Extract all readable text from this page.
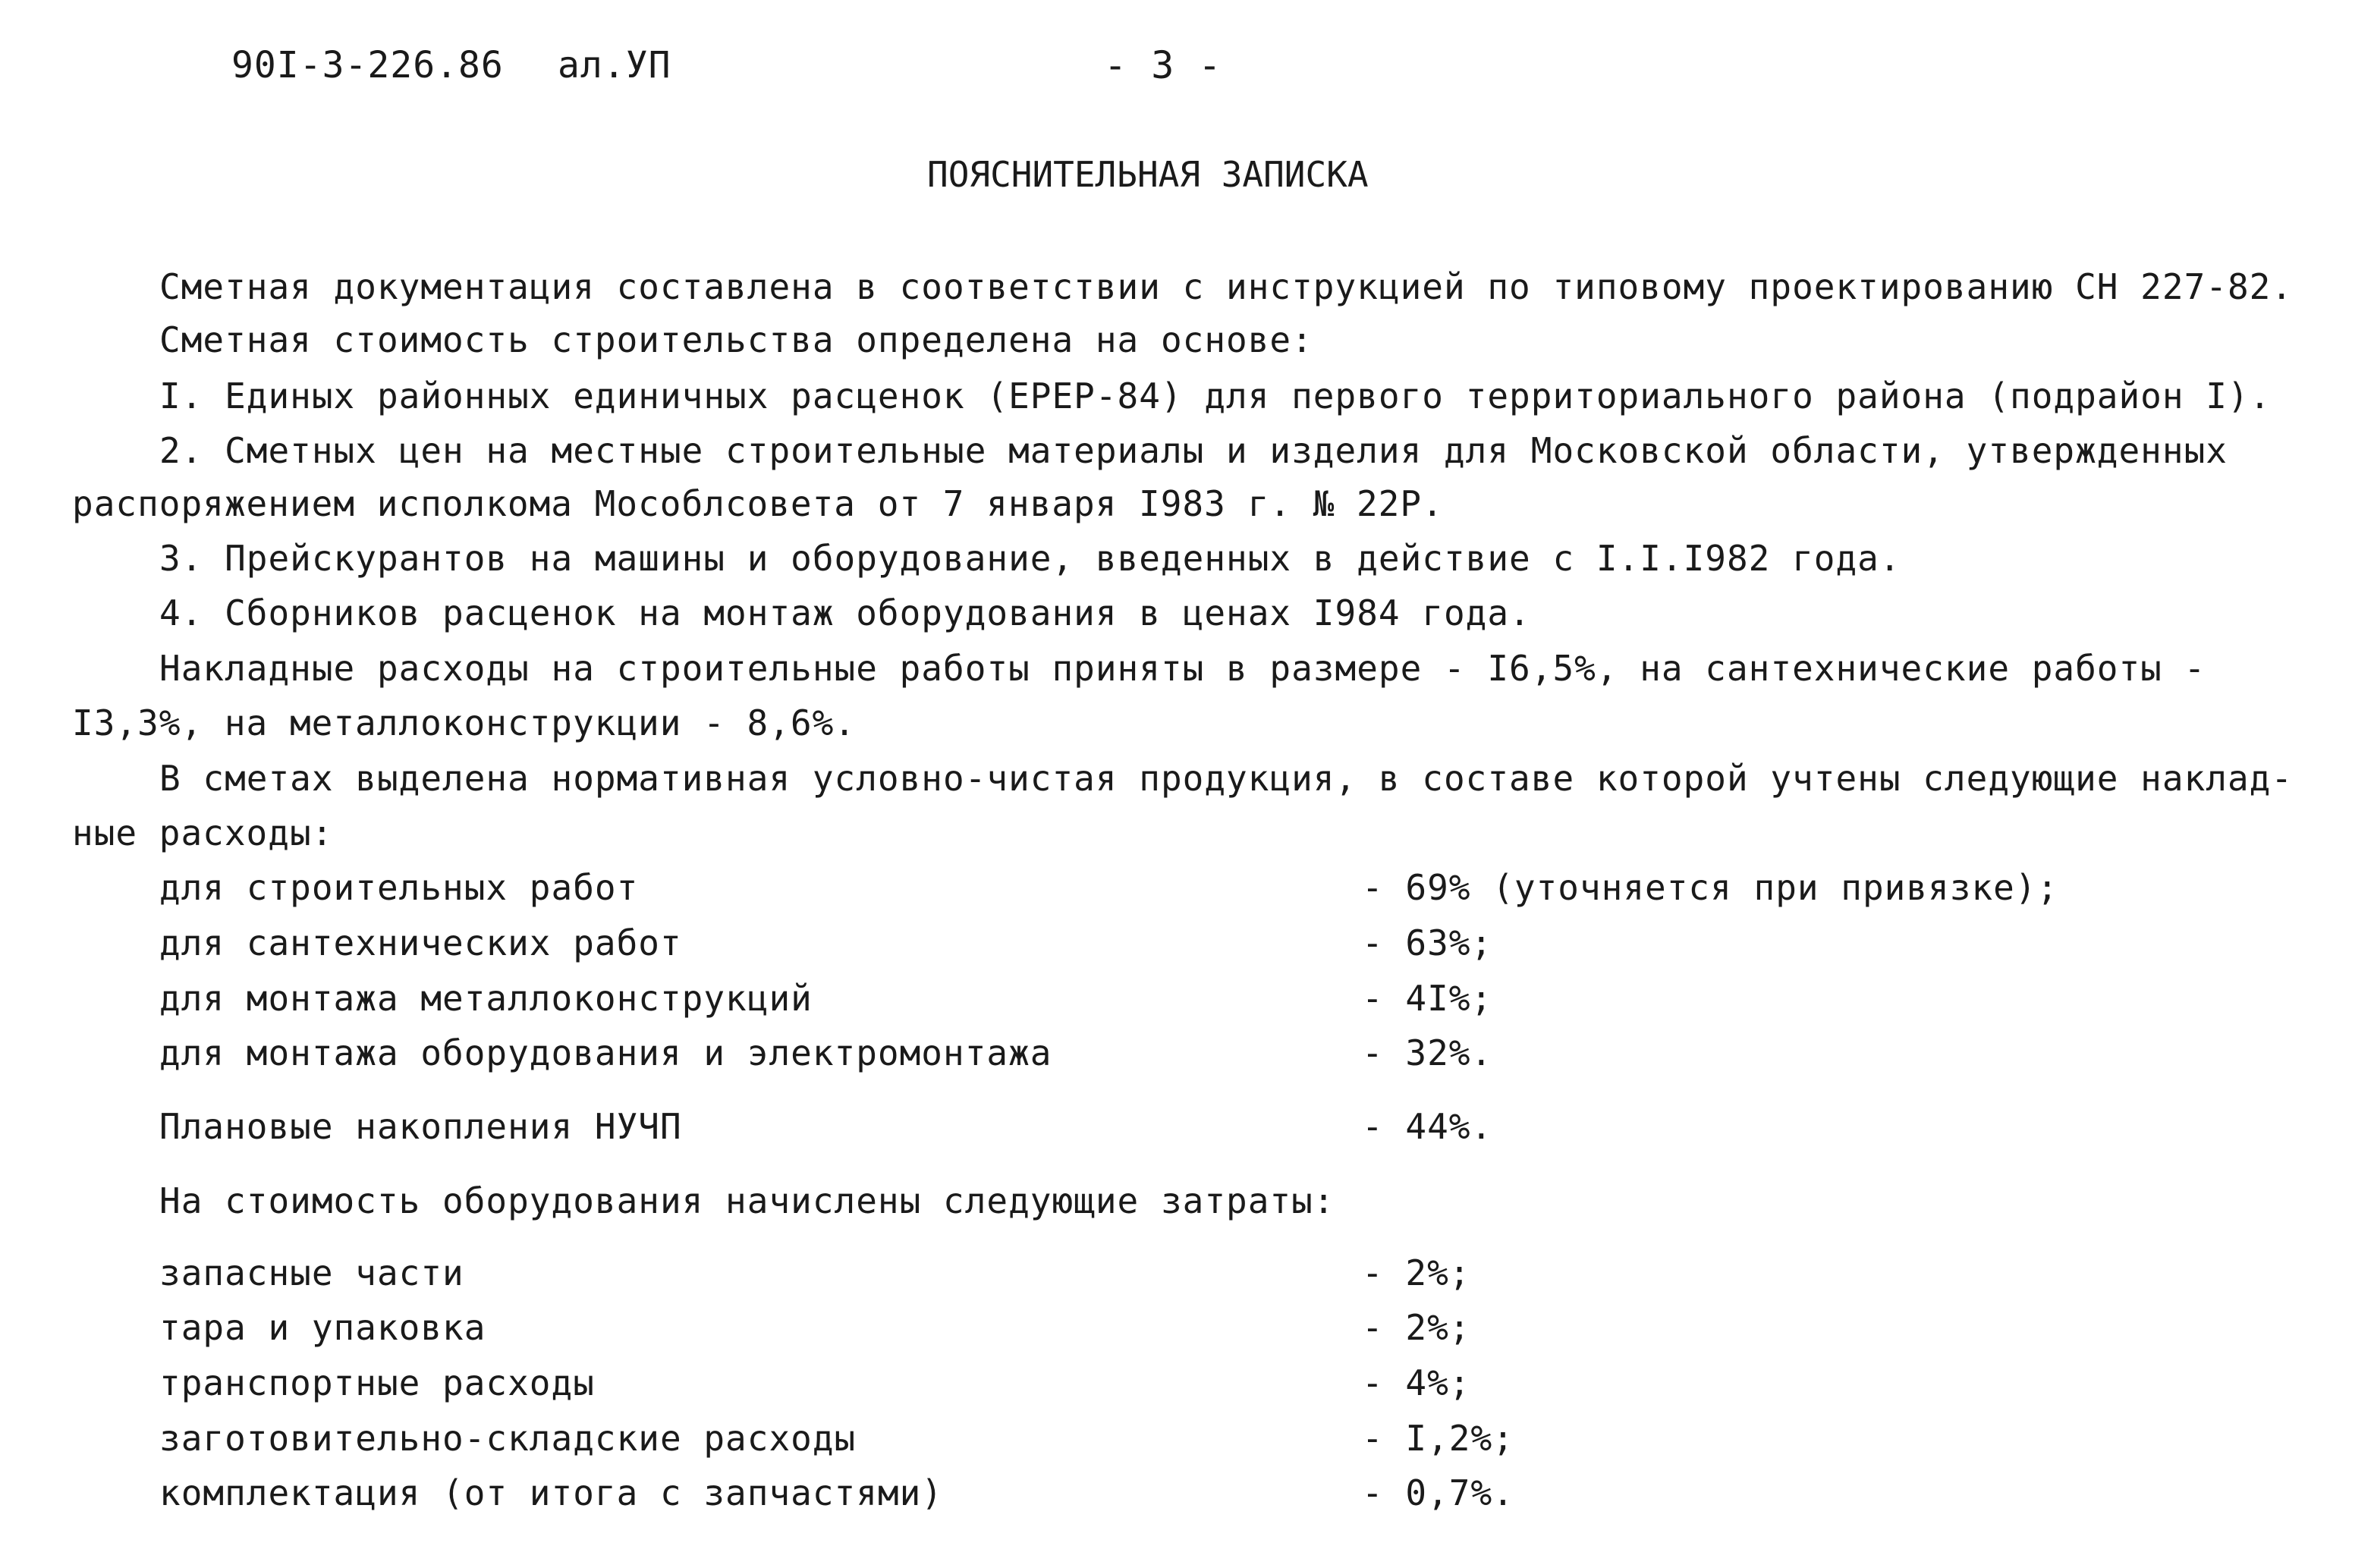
90I-3-226.86 ал.УП	- 3 -
ПОЯСНИТЕЛЬНАЯ ЗАПИСКА
Сметная документация составлена в соответствии с инструкцией по типовому проектированию СН 227-82.
Сметная стоимость строительства определена на основе:
I. Единых районных единичных расценок (ЕРЕР-84) для первого территориального района (подрайон I).
2. Сметных цен на местные строительные материалы и изделия для Московской области, утвержденных
распоряжением исполкома Мособлсовета от 7 января I983 г. № 22Р.
3. Прейскурантов на машины и оборудование, введенных в действие с I.I.I982 года.
4. Сборников расценок на монтаж оборудования в ценах I984 года.
Накладные расходы на строительные работы приняты в размере - I6,5%, на сантехнические работы -
I3,3%, на металлоконструкции - 8,6%.
В сметах выделена нормативная условно-чистая продукция, в составе которой учтены следующие наклад-
ные расходы:
для строительных работ	- 69% (уточняется при привязке);
для сантехнических работ	- 63%;
для монтажа металлоконструкций	- 4I%;
для монтажа оборудования и электромонтажа	- 32%.
Плановые накопления НУЧП	- 44%.
На стоимость оборудования начислены следующие затраты:
запасные части	- 2%;
тара и упаковка	- 2%;
транспортные расходы	- 4%;
заготовительно-складские расходы	- I,2%;
комплектация (от итога с запчастями)	- 0,7%.
